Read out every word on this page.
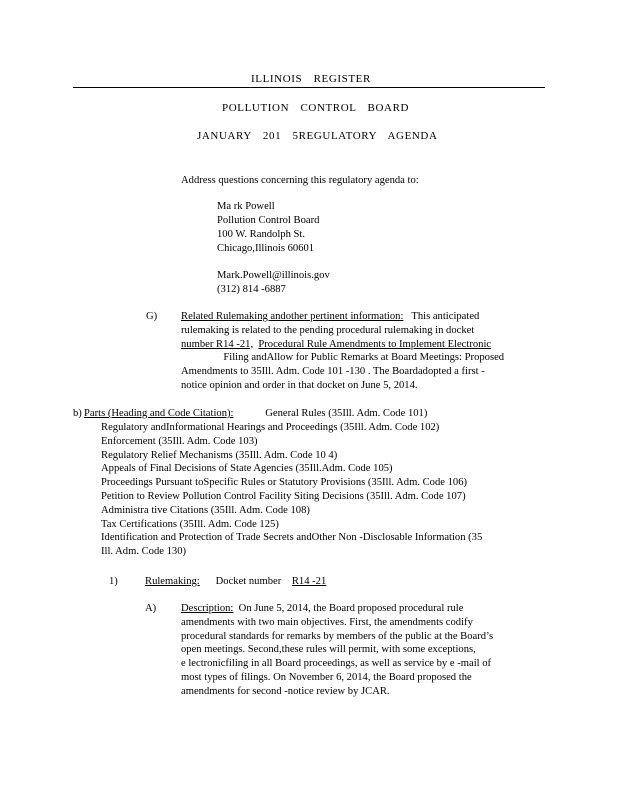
ILLINOIS REGISTER
POLLUTION CONTROL BOARD
JANUARY 201 5REGULATORY AGENDA
Address questions concerning this regulatory agenda to:
Ma rk Powell
Pollution Control Board
100 W. Randolph St.
Chicago,Illinois 60601
Mark.Powell@illinois.gov
(312) 814 -6887
G) Related Rulemaking andother pertinent information: This anticipated
rulemaking is related to the pending procedural rulemaking in docket
number R14 -21, Procedural Rule Amendments to Implement Electronic
Filing andAllow for Public Remarks at Board Meetings: Proposed
Amendments to 35Ill. Adm. Code 101 -130 . The Boardadopted a first -
notice opinion and order in that docket on June 5, 2014.
b) Parts (Heading and Code Citation):	General Rules (35Ill. Adm. Code 101)
Regulatory andInformational Hearings and Proceedings (35Ill. Adm. Code 102)
Enforcement (35Ill. Adm. Code 103)
Regulatory Relief Mechanisms (35Ill. Adm. Code 10 4)
Appeals of Final Decisions of State Agencies (35Ill.Adm. Code 105)
Proceedings Pursuant toSpecific Rules or Statutory Provisions (35Ill. Adm. Code 106)
Petition to Review Pollution Control Facility Siting Decisions (35Ill. Adm. Code 107)
Administra tive Citations (35Ill. Adm. Code 108)
Tax Certifications (35Ill. Adm. Code 125)
Identification and Protection of Trade Secrets andOther Non -Disclosable Information (35
Ill. Adm. Code 130)
1)	Rulemaking: Docket number R14 -21
A) Description: On June 5, 2014, the Board proposed procedural rule
amendments with two main objectives. First, the amendments codify
procedural standards for remarks by members of the public at the Board’s
open meetings. Second,these rules will permit, with some exceptions,
e lectronicfiling in all Board proceedings, as well as service by e -mail of
most types of filings. On November 6, 2014, the Board proposed the
amendments for second -notice review by JCAR.
